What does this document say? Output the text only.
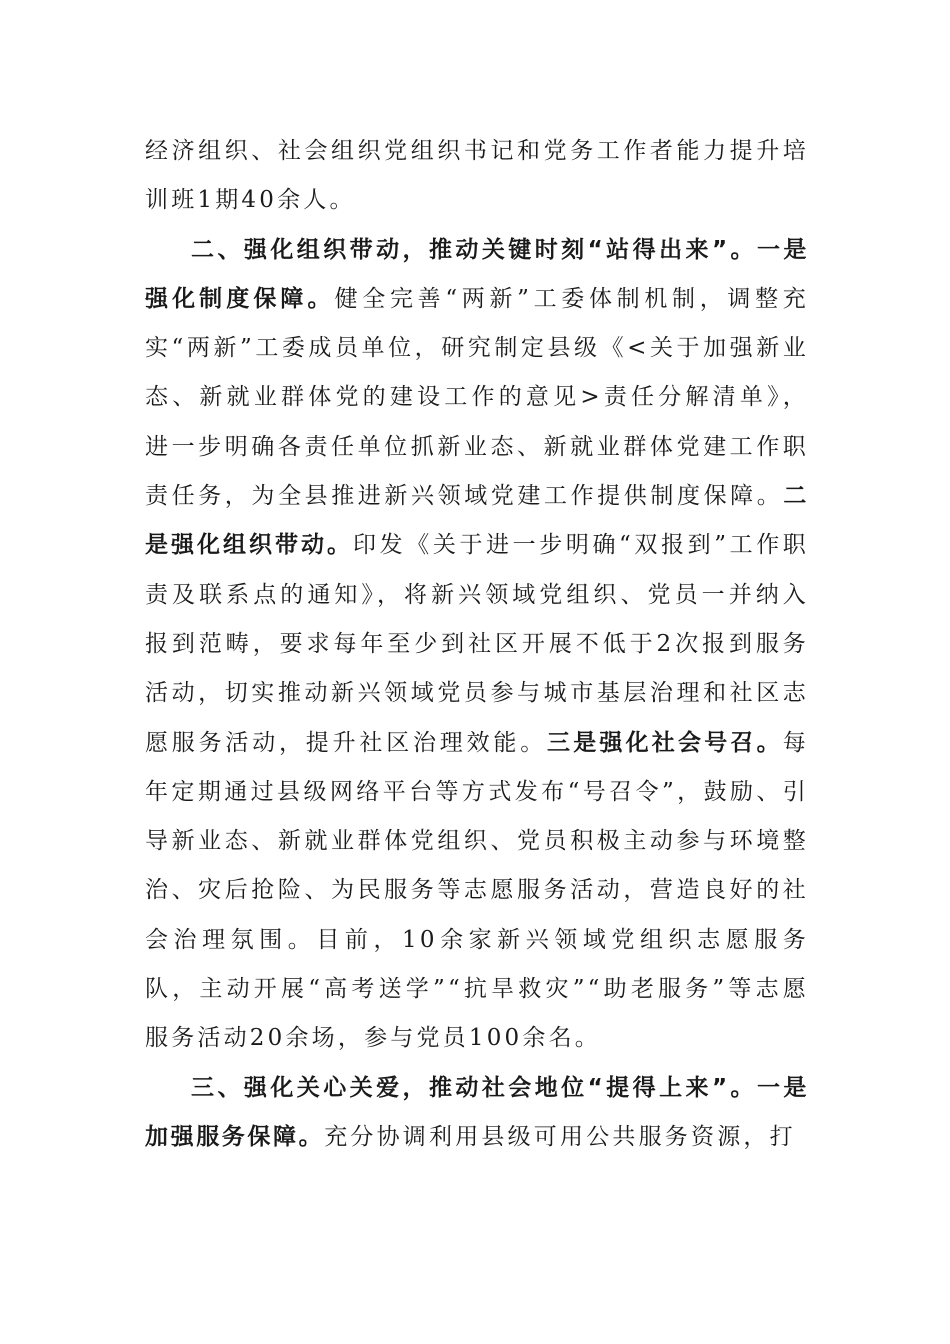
经济组织、社会组织党组织书记和党务工作者能力提升培训班1期40余人。

二、强化组织带动，推动关键时刻“站得出来”。一是强化制度保障。健全完善“两新”工委体制机制，调整充实“两新”工委成员单位，研究制定县级《<关于加强新业态、新就业群体党的建设工作的意见>责任分解清单》，进一步明确各责任单位抓新业态、新就业群体党建工作职责任务，为全县推进新兴领域党建工作提供制度保障。二是强化组织带动。印发《关于进一步明确“双报到”工作职责及联系点的通知》，将新兴领域党组织、党员一并纳入报到范畴，要求每年至少到社区开展不低于2次报到服务活动，切实推动新兴领域党员参与城市基层治理和社区志愿服务活动，提升社区治理效能。三是强化社会号召。每年定期通过县级网络平台等方式发布“号召令”，鼓励、引导新业态、新就业群体党组织、党员积极主动参与环境整治、灾后抢险、为民服务等志愿服务活动，营造良好的社会治理氛围。目前，10余家新兴领域党组织志愿服务队，主动开展“高考送学”“抗旱救灾”“助老服务”等志愿服务活动20余场，参与党员100余名。

三、强化关心关爱，推动社会地位“提得上来”。一是加强服务保障。充分协调利用县级可用公共服务资源，打
